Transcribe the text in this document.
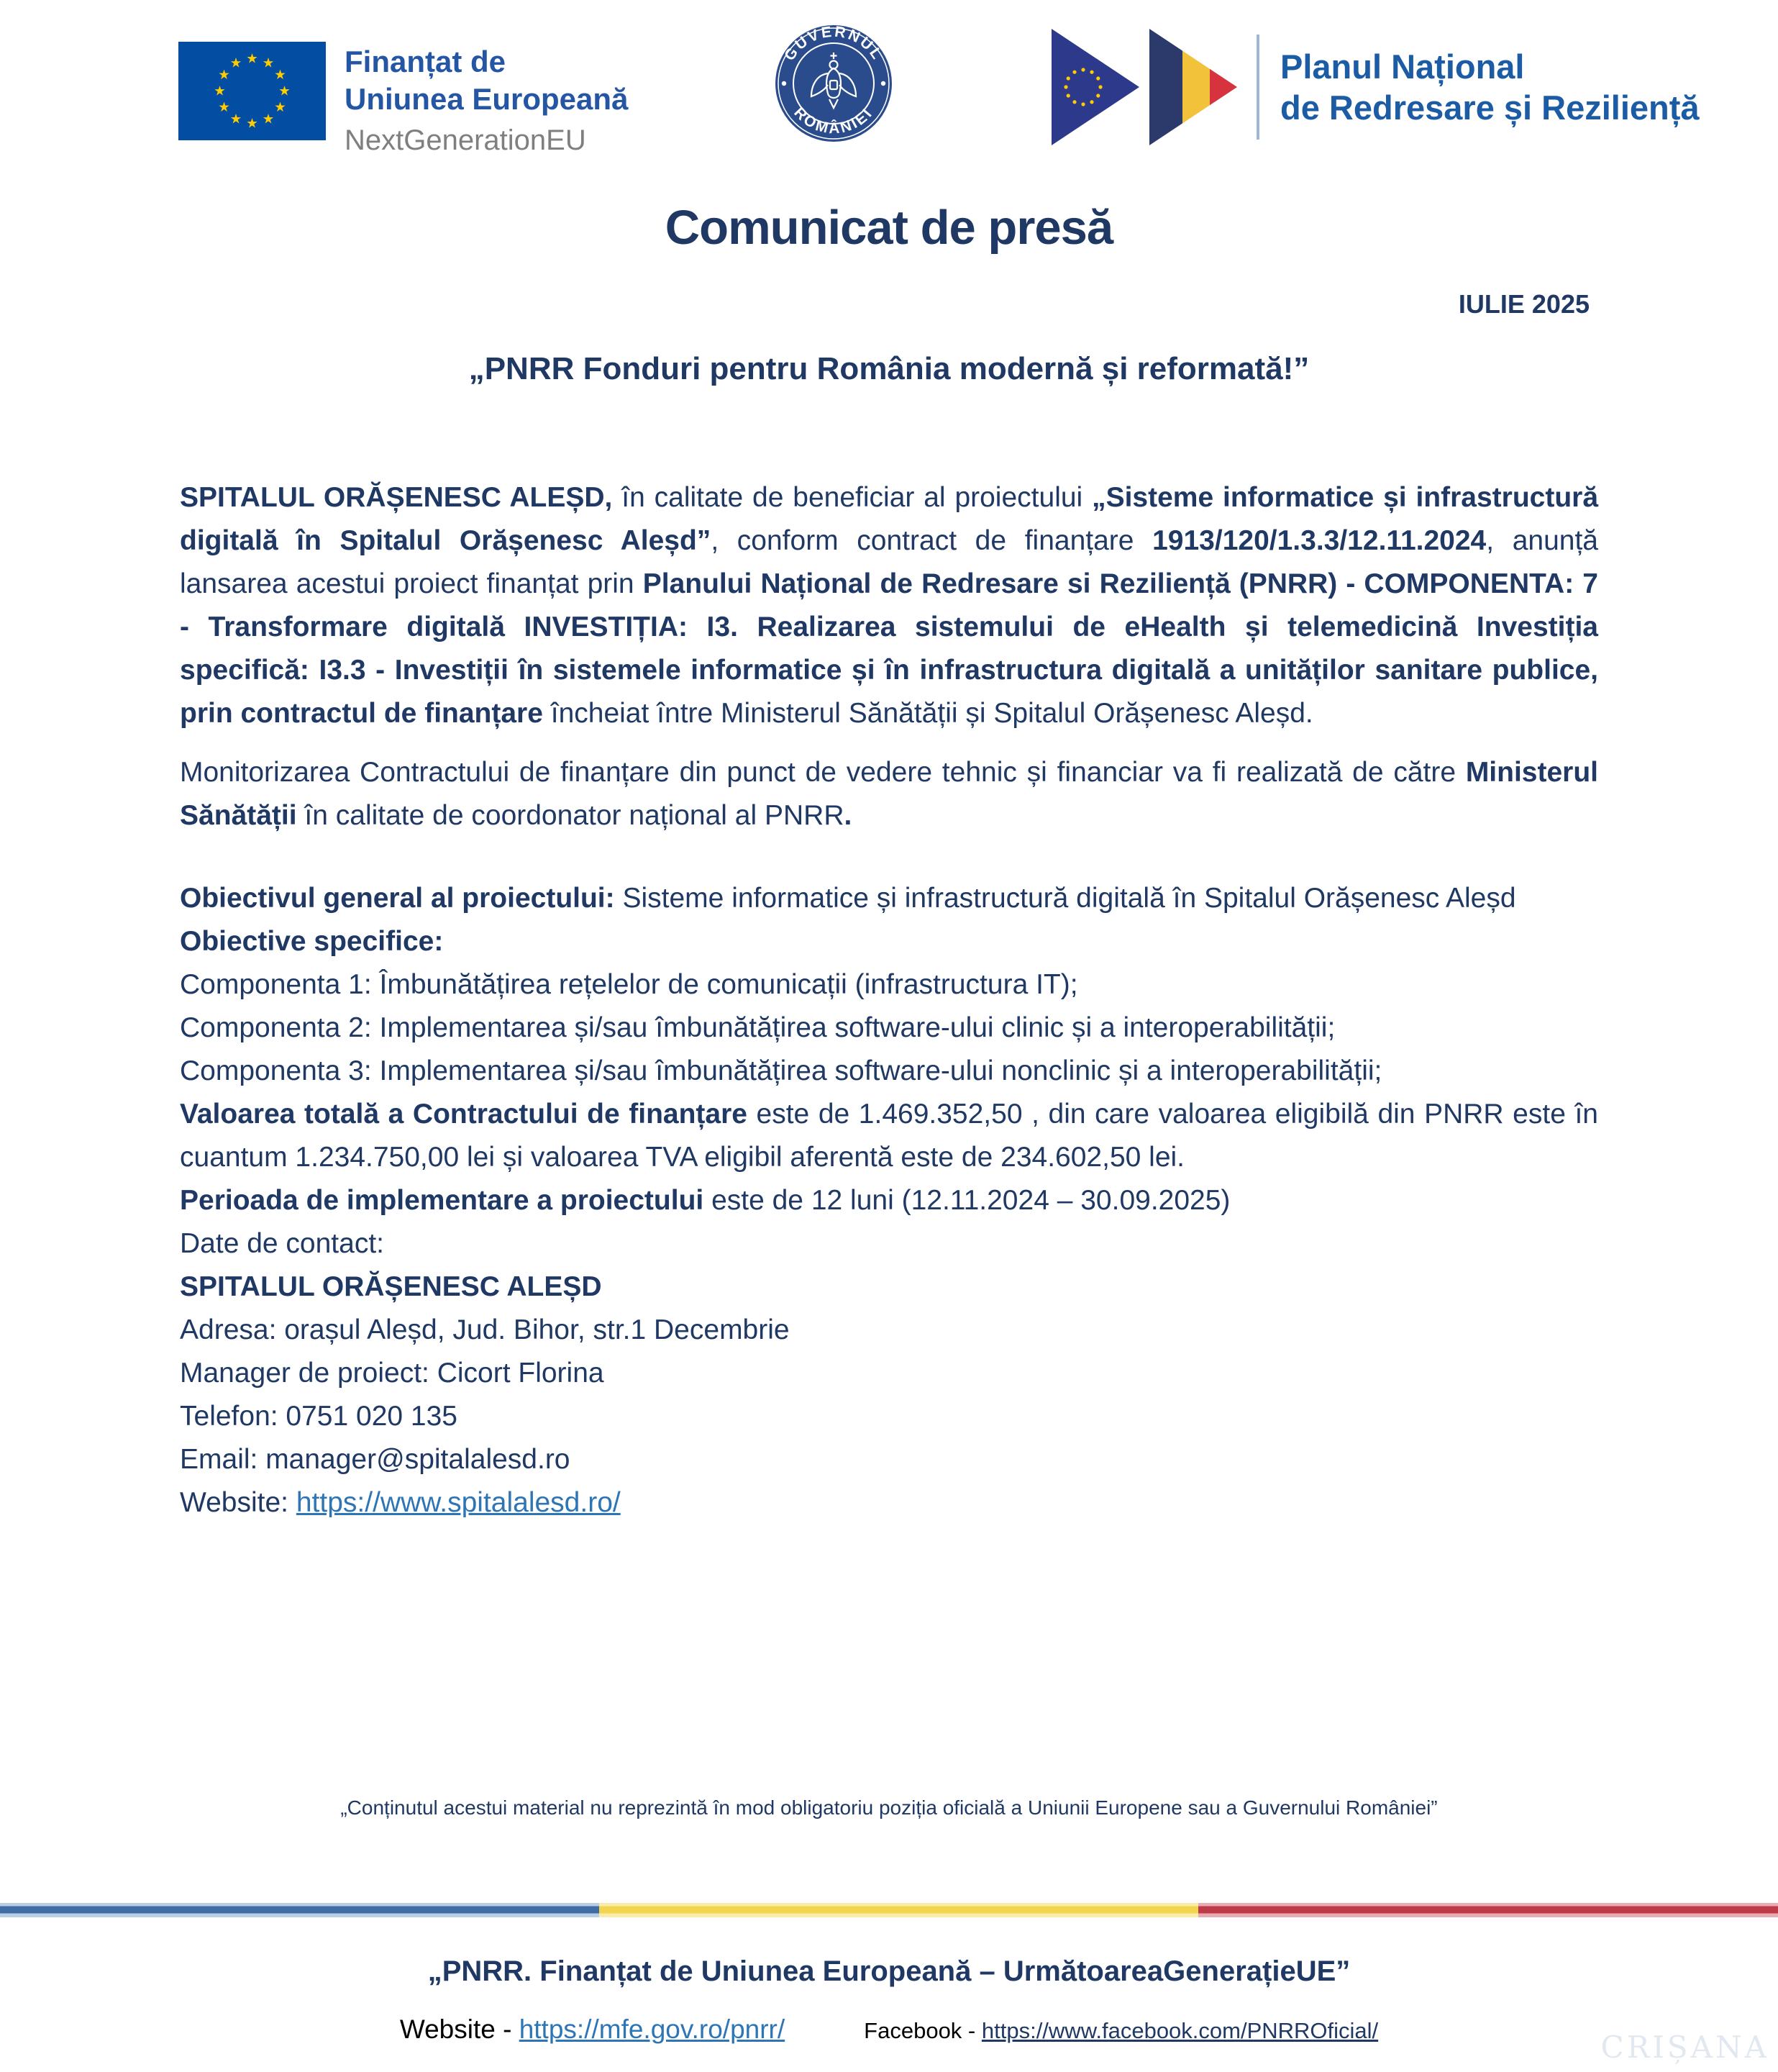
Finanțat de
Uniunea Europeană
NextGenerationEU
GUVERNUL
ROMÂNIEI
Planul Național
de Redresare și Reziliență
Comunicat de presă
IULIE 2025
„PNRR Fonduri pentru România modernă și reformată!”
SPITALUL ORĂȘENESC ALEȘD, în calitate de beneficiar al proiectului „Sisteme informatice și infrastructură digitală în Spitalul Orășenesc Aleșd”, conform contract de finanțare 1913/120/1.3.3/12.11.2024, anunță lansarea acestui proiect finanțat prin Planului Național de Redresare si Reziliență (PNRR) - COMPONENTA: 7 - Transformare digitală INVESTIȚIA: I3. Realizarea sistemului de eHealth și telemedicină Investiția specifică: I3.3 - Investiții în sistemele informatice și în infrastructura digitală a unităților sanitare publice, prin contractul de finanțare încheiat între Ministerul Sănătății și Spitalul Orășenesc Aleșd.
Monitorizarea Contractului de finanțare din punct de vedere tehnic și financiar va fi realizată de către Ministerul Sănătății în calitate de coordonator național al PNRR.
Obiectivul general al proiectului: Sisteme informatice și infrastructură digitală în Spitalul Orășenesc Aleșd
Obiective specifice:
Componenta 1: Îmbunătățirea rețelelor de comunicații (infrastructura IT);
Componenta 2: Implementarea și/sau îmbunătățirea software-ului clinic și a interoperabilității;
Componenta 3: Implementarea și/sau îmbunătățirea software-ului nonclinic și a interoperabilității;
Valoarea totală a Contractului de finanțare este de 1.469.352,50 , din care valoarea eligibilă din PNRR este în cuantum 1.234.750,00 lei și valoarea TVA eligibil aferentă este de 234.602,50 lei.
Perioada de implementare a proiectului este de 12 luni (12.11.2024 – 30.09.2025)
Date de contact:
SPITALUL ORĂȘENESC ALEȘD
Adresa: orașul Aleșd, Jud. Bihor, str.1 Decembrie
Manager de proiect: Cicort Florina
Telefon: 0751 020 135
Email: manager@spitalalesd.ro
Website: https://www.spitalalesd.ro/
„Conținutul acestui material nu reprezintă în mod obligatoriu poziția oficială a Uniunii Europene sau a Guvernului României”
„PNRR. Finanțat de Uniunea Europeană – UrmătoareaGenerațieUE”
Website - https://mfe.gov.ro/pnrr/	Facebook - https://www.facebook.com/PNRROficial/	CRIȘANA
